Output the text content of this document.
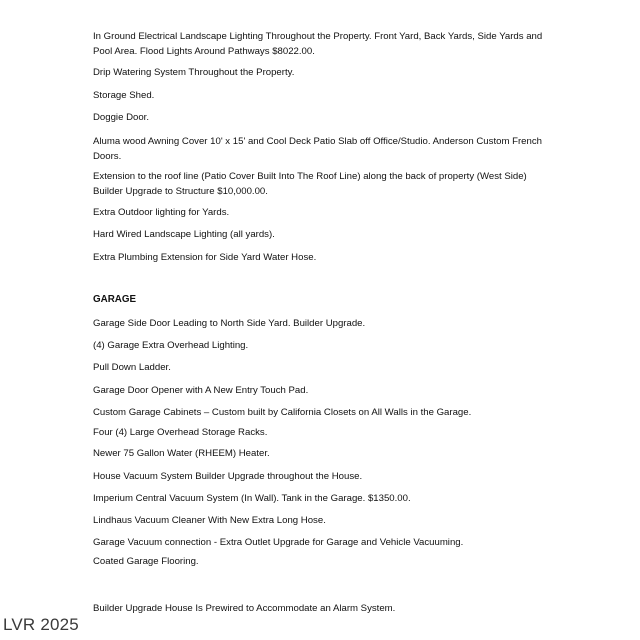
In Ground Electrical Landscape Lighting Throughout the Property. Front Yard, Back Yards, Side Yards and Pool Area. Flood Lights Around Pathways $8022.00.

Drip Watering System Throughout the Property.

Storage Shed.

Doggie Door.

Aluma wood Awning Cover 10' x 15' and Cool Deck Patio Slab off Office/Studio. Anderson Custom French Doors.

Extension to the roof line (Patio Cover Built Into The Roof Line) along the back of property (West Side) Builder Upgrade to Structure $10,000.00.

Extra Outdoor lighting for Yards.

Hard Wired Landscape Lighting (all yards).

Extra Plumbing Extension for Side Yard Water Hose.

GARAGE

Garage Side Door Leading to North Side Yard. Builder Upgrade.

(4) Garage Extra Overhead Lighting.

Pull Down Ladder.

Garage Door Opener with A New Entry Touch Pad.

Custom Garage Cabinets – Custom built by California Closets on All Walls in the Garage.

Four (4) Large Overhead Storage Racks.

Newer 75 Gallon Water (RHEEM) Heater.

House Vacuum System Builder Upgrade throughout the House.

Imperium Central Vacuum System (In Wall). Tank in the Garage. $1350.00.

Lindhaus Vacuum Cleaner With New Extra Long Hose.

Garage Vacuum connection - Extra Outlet Upgrade for Garage and Vehicle Vacuuming.

Coated Garage Flooring.

Builder Upgrade House Is Prewired to Accommodate an Alarm System.

LVR 2025
